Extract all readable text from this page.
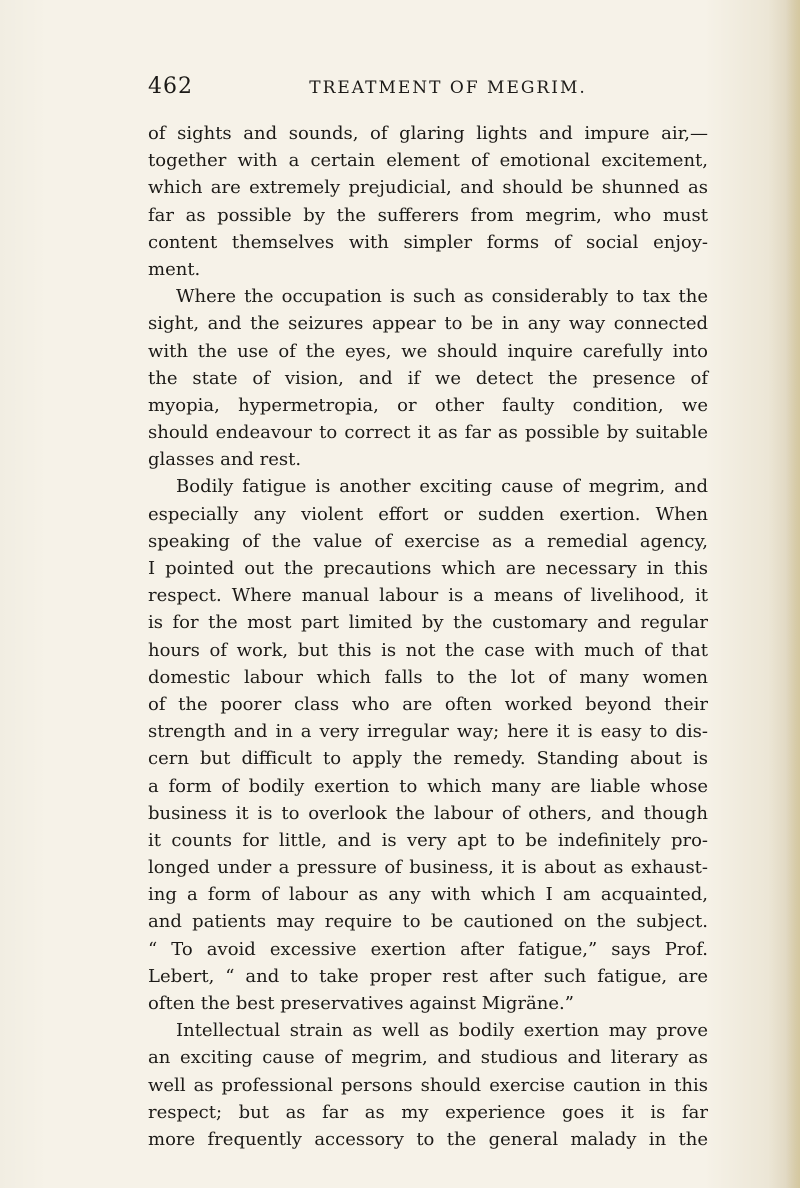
462	TREATMENT OF MEGRIM.
of sights and sounds, of glaring lights and impure air,—
together with a certain element of emotional excitement,
which are extremely prejudicial, and should be shunned as
far as possible by the sufferers from megrim, who must
content themselves with simpler forms of social enjoy-
ment.
Where the occupation is such as considerably to tax the
sight, and the seizures appear to be in any way connected
with the use of the eyes, we should inquire carefully into
the state of vision, and if we detect the presence of
myopia, hypermetropia, or other faulty condition, we
should endeavour to correct it as far as possible by suitable
glasses and rest.
Bodily fatigue is another exciting cause of megrim, and
especially any violent effort or sudden exertion. When
speaking of the value of exercise as a remedial agency,
I pointed out the precautions which are necessary in this
respect. Where manual labour is a means of livelihood, it
is for the most part limited by the customary and regular
hours of work, but this is not the case with much of that
domestic labour which falls to the lot of many women
of the poorer class who are often worked beyond their
strength and in a very irregular way; here it is easy to dis-
cern but difficult to apply the remedy. Standing about is
a form of bodily exertion to which many are liable whose
business it is to overlook the labour of others, and though
it counts for little, and is very apt to be indefinitely pro-
longed under a pressure of business, it is about as exhaust-
ing a form of labour as any with which I am acquainted,
and patients may require to be cautioned on the subject.
“ To avoid excessive exertion after fatigue,” says Prof.
Lebert, “ and to take proper rest after such fatigue, are
often the best preservatives against Migräne.”
Intellectual strain as well as bodily exertion may prove
an exciting cause of megrim, and studious and literary as
well as professional persons should exercise caution in this
respect; but as far as my experience goes it is far
more frequently accessory to the general malady in the
